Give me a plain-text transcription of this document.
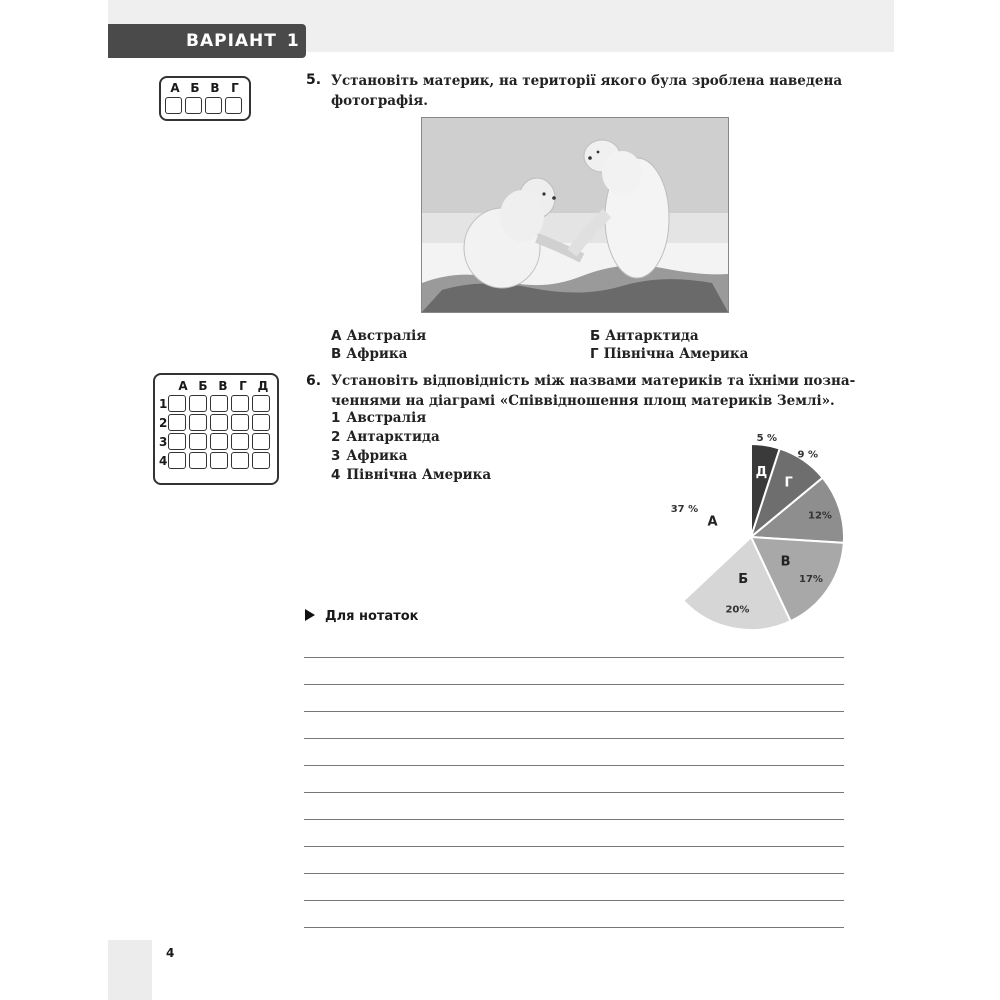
ВАРІАНТ 1
А Б В Г	5. Установіть материк, на території якого була зроблена наведена
фотографія.
А Австралія	Б Антарктида
В Африка	Г Північна Америка
А Б В Г Д
1
2
3
4
6. Установіть відповідність між назвами материків та їхніми позна-
ченнями на діаграмі «Співвідношення площ материків Землі».
1 Австралія
2 Антарктида
3 Африка
4 Північна Америка	Д
5 %
Г
9 %
12%
В
17%
Б
20%
А
37 %
Для нотаток
4
